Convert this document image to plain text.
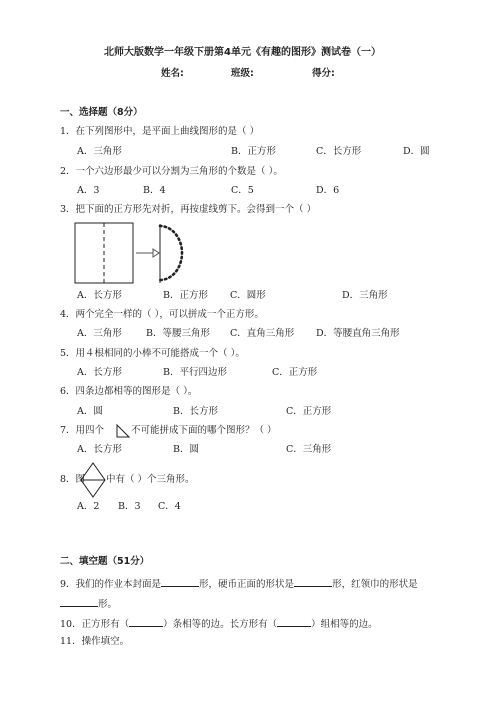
北师大版数学一年级下册第4单元《有趣的图形》测试卷（一）
姓名:	班级:	得分:
一、选择题（8分）
1．在下列图形中，是平面上曲线图形的是（ ）
A．三角形	B．正方形	C．长方形	D．圆
2．一个六边形最少可以分割为三角形的个数是（ ）。
A．3	B．4	C．5	D．6
3．把下面的正方形先对折，再按虚线剪下。会得到一个（ ）
A．长方形	B．正方形 C．圆形	D．三角形
4．两个完全一样的（ ），可以拼成一个正方形。
A．三角形	B．等腰三角形 C．直角三角形 D．等腰直角三角形
5．用４根相同的小棒不可能搭成一个（ ）。
A．长方形	B．平行四边形	C．正方形
6．四条边都相等的图形是（ ）。
A．圆	B．长方形	C．正方形
7．用四个	不可能拼成下面的哪个图形？（ ）
A．长方形	B．圆	C．三角形
8．图 中有（ ）个三角形。
A．2 B．3 C．4
二、填空题（51分）
9．我们的作业本封面是	形，硬币正面的形状是	形，红领巾的形状是
形。
10．正方形有（	）条相等的边。长方形有（	）组相等的边。
11．操作填空。
